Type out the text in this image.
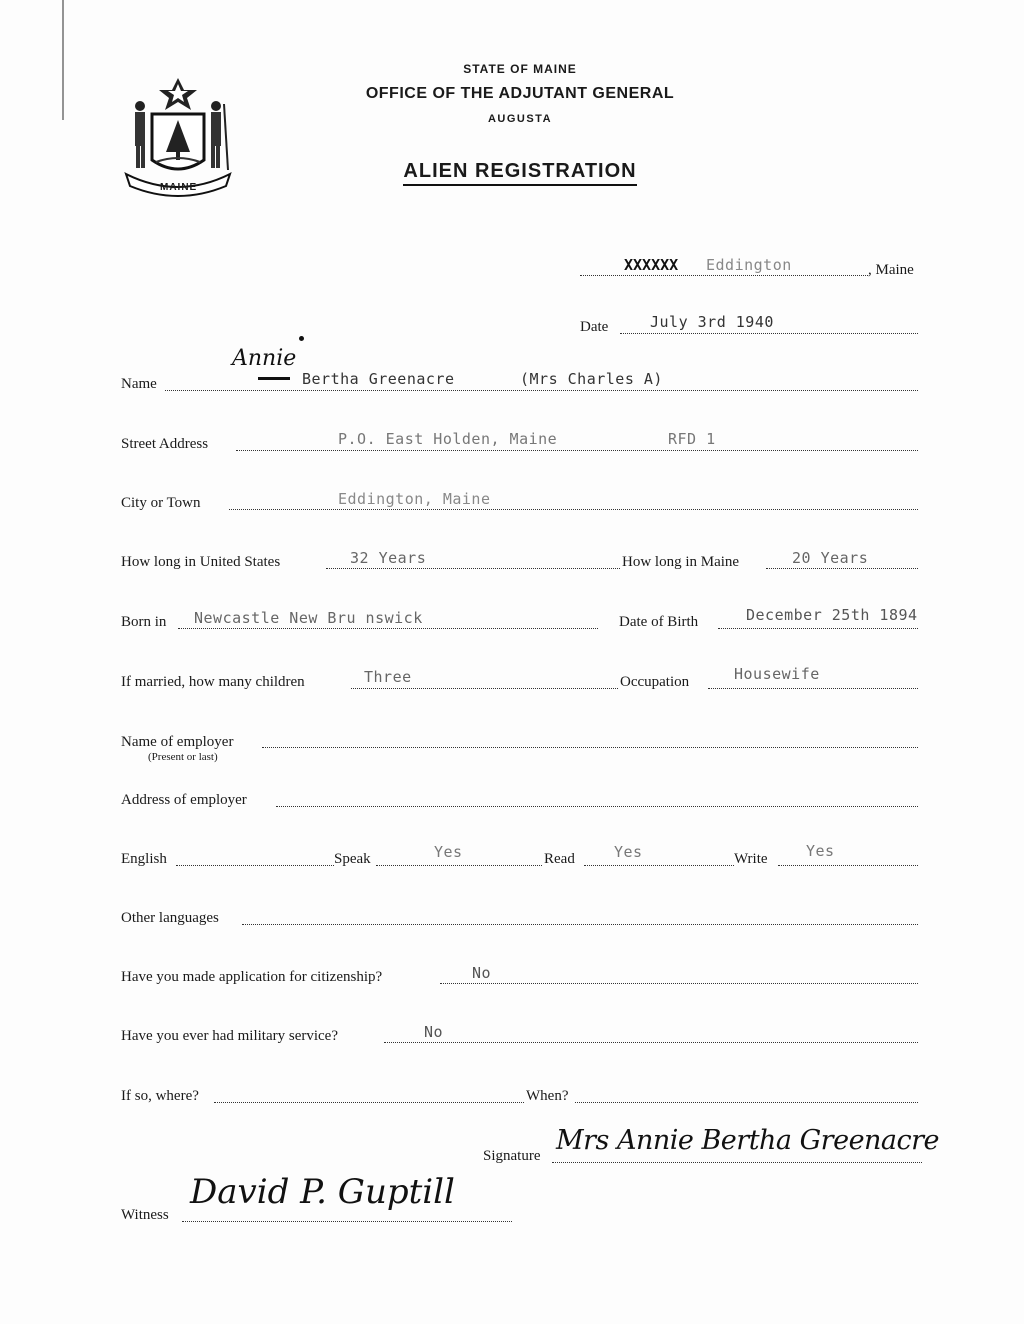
MAINE
STATE OF MAINE
OFFICE OF THE ADJUTANT GENERAL
AUGUSTA
ALIEN REGISTRATION
XXXXXX Eddington	, Maine
Date	July 3rd 1940
Name
Annie
Bertha Greenacre	(Mrs Charles A)
Street Address	P.O. East Holden, Maine	RFD 1
City or Town	Eddington, Maine
How long in United States	32 Years	How long in Maine	20 Years
Born in Newcastle New Bru nswick	Date of Birth	December 25th 1894
If married, how many children	Three	Occupation	Housewife
Name of employer
(Present or last)
Address of employer
English	Speak	Yes	Read	Yes	Write	Yes
Other languages
Have you made application for citizenship?	No
Have you ever had military service?	No
If so, where?	When?
Signature Mrs Annie Bertha Greenacre
Witness
David P. Guptill
